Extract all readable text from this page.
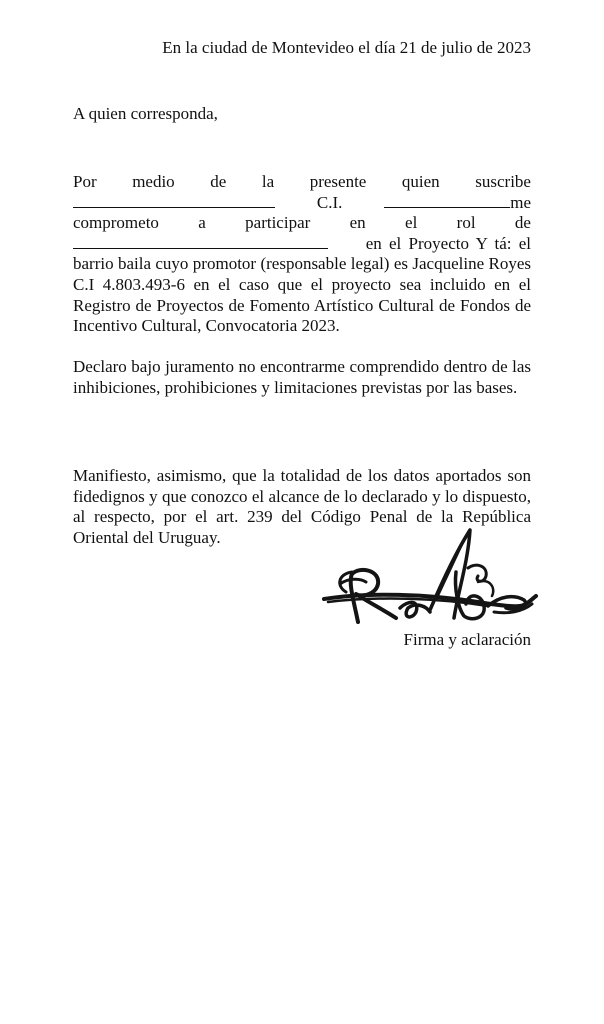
En la ciudad de Montevideo el día 21 de julio de 2023
A quien corresponda,
Por medio de la presente quien suscribe
C.I.	me
comprometo a participar en el rol de
en el Proyecto Y tá: el
barrio baila cuyo promotor (responsable legal) es Jacqueline Royes C.I 4.803.493-6 en el caso que el proyecto sea incluido en el Registro de Proyectos de Fomento Artístico Cultural de Fondos de Incentivo Cultural, Convocatoria 2023.
Declaro bajo juramento no encontrarme comprendido dentro de las inhibiciones, prohibiciones y limitaciones previstas por las bases.
Manifiesto, asimismo, que la totalidad de los datos aportados son fidedignos y que conozco el alcance de lo declarado y lo dispuesto, al respecto, por el art. 239 del Código Penal de la República Oriental del Uruguay.
Firma y aclaración
